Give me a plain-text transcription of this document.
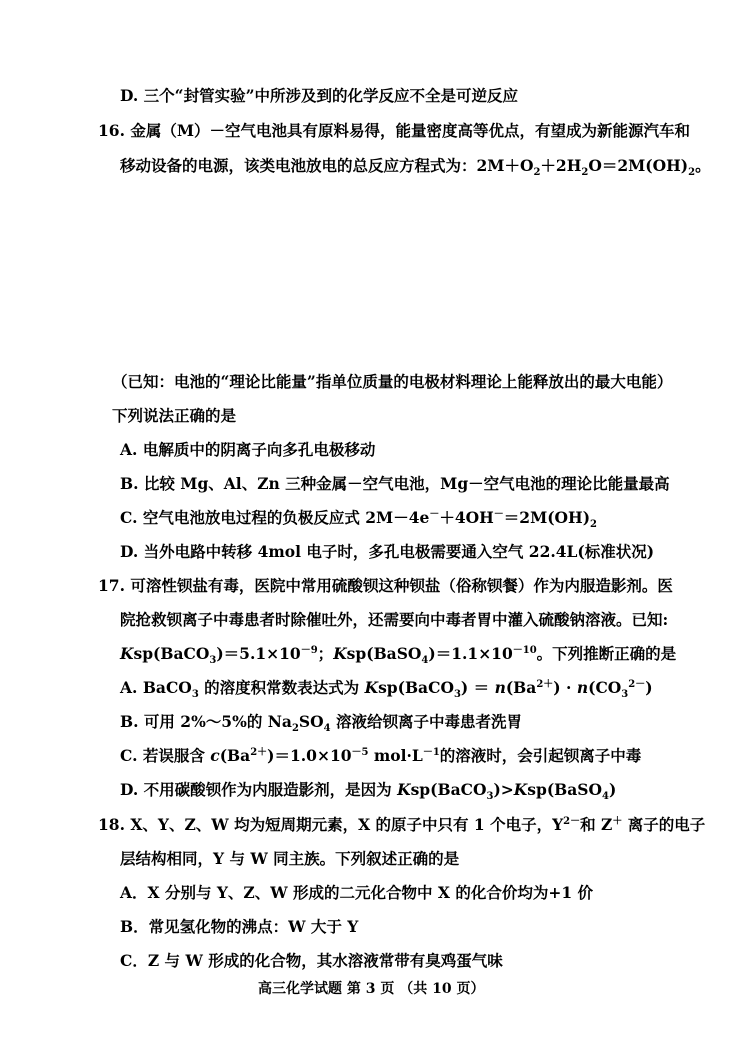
D. 三个“封管实验”中所涉及到的化学反应不全是可逆反应
16. 金属（M）－空气电池具有原料易得，能量密度高等优点，有望成为新能源汽车和
移动设备的电源，该类电池放电的总反应方程式为：$2M+O_2+2H_2O=2M(OH)_2$。
（已知：电池的“理论比能量”指单位质量的电极材料理论上能释放出的最大电能）
下列说法正确的是
A. 电解质中的阴离子向多孔电极移动
B. 比较 Mg、Al、Zn 三种金属－空气电池，Mg－空气电池的理论比能量最高
C. 空气电池放电过程的负极反应式 $2M-4e^-+4OH^-=2M(OH)_2$
D. 当外电路中转移 4mol 电子时，多孔电极需要通入空气 22.4L(标准状况)
17. 可溶性钡盐有毒，医院中常用硫酸钡这种钡盐（俗称钡餐）作为内服造影剂。医
院抢救钡离子中毒患者时除催吐外，还需要向中毒者胃中灌入硫酸钠溶液。已知:
$Ksp(BaCO_3)=5.1\times 10^{-9}$；$Ksp(BaSO_4)=1.1\times 10^{-10}$。下列推断正确的是
A. BaCO$_3$ 的溶度积常数表达式为 Ksp(BaCO$_3$) ＝ $n(Ba^{2+}) \cdot n(CO_3^{2-})$
B. 可用 2%～5%的 $Na_2SO_4$ 溶液给钡离子中毒患者洗胃
C. 若误服含 $c(Ba^{2+})=1.0\times 10^{-5}$ $mol\cdot L^{-1}$的溶液时，会引起钡离子中毒
D. 不用碳酸钡作为内服造影剂，是因为 Ksp(BaCO$_3$)>Ksp(BaSO$_4$)
18. X、Y、Z、W 均为短周期元素，X 的原子中只有 1 个电子，$Y^{2-}$和 Z＋ 离子的电子
层结构相同，Y 与 W 同主族。下列叙述正确的是
A．X 分别与 Y、Z、W 形成的二元化合物中 X 的化合价均为+1 价
B．常见氢化物的沸点：W 大于 Y
C．Z 与 W 形成的化合物，其水溶液常带有臭鸡蛋气味
高三化学试题 第 3 页 （共 10 页）
